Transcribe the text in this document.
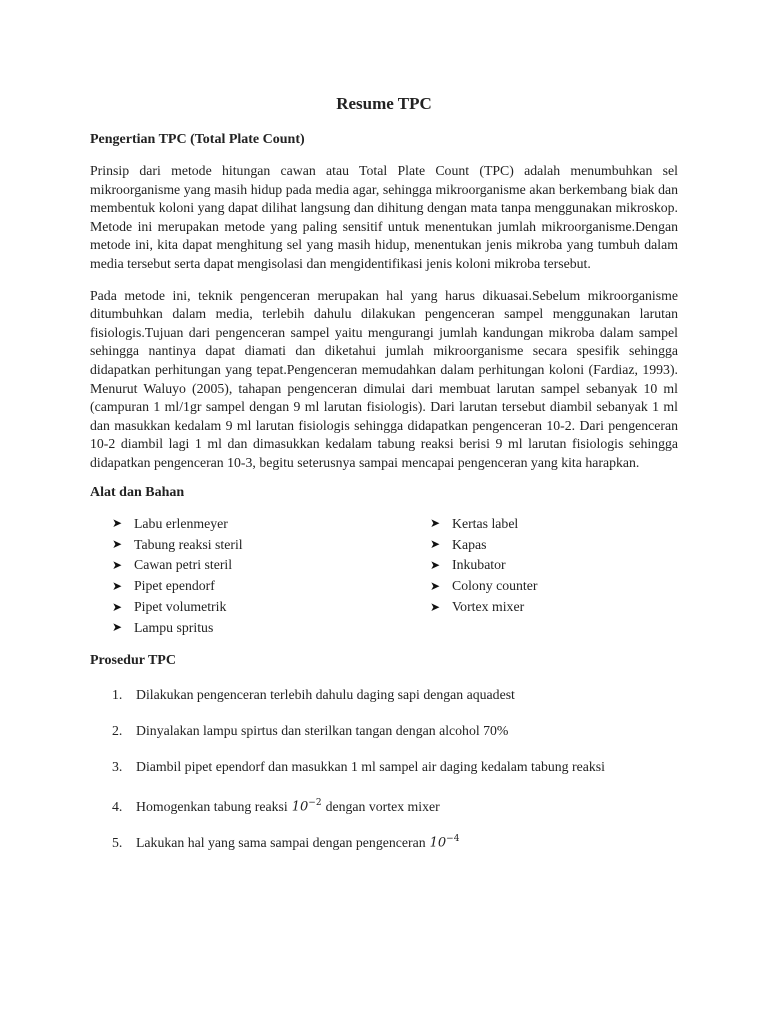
Resume TPC
Pengertian TPC (Total Plate Count)

Prinsip dari metode hitungan cawan atau Total Plate Count (TPC) adalah menumbuhkan sel mikroorganisme yang masih hidup pada media agar, sehingga mikroorganisme akan berkembang biak dan membentuk koloni yang dapat dilihat langsung dan dihitung dengan mata tanpa menggunakan mikroskop. Metode ini merupakan metode yang paling sensitif untuk menentukan jumlah mikroorganisme.Dengan metode ini, kita dapat menghitung sel yang masih hidup, menentukan jenis mikroba yang tumbuh dalam media tersebut serta dapat mengisolasi dan mengidentifikasi jenis koloni mikroba tersebut.

Pada metode ini, teknik pengenceran merupakan hal yang harus dikuasai.Sebelum mikroorganisme ditumbuhkan dalam media, terlebih dahulu dilakukan pengenceran sampel menggunakan larutan fisiologis.Tujuan dari pengenceran sampel yaitu mengurangi jumlah kandungan mikroba dalam sampel sehingga nantinya dapat diamati dan diketahui jumlah mikroorganisme secara spesifik sehingga didapatkan perhitungan yang tepat.Pengenceran memudahkan dalam perhitungan koloni (Fardiaz, 1993). Menurut Waluyo (2005), tahapan pengenceran dimulai dari membuat larutan sampel sebanyak 10 ml (campuran 1 ml/1gr sampel dengan 9 ml larutan fisiologis). Dari larutan tersebut diambil sebanyak 1 ml dan masukkan kedalam 9 ml larutan fisiologis sehingga didapatkan pengenceran 10-2. Dari pengenceran 10-2 diambil lagi 1 ml dan dimasukkan kedalam tabung reaksi berisi 9 ml larutan fisiologis sehingga didapatkan pengenceran 10-3, begitu seterusnya sampai mencapai pengenceran yang kita harapkan.

Alat dan Bahan
➤ Labu erlenmeyer
➤ Tabung reaksi steril
➤ Cawan petri steril
➤ Pipet ependorf
➤ Pipet volumetrik
➤ Lampu spritus
➤ Kertas label
➤ Kapas
➤ Inkubator
➤ Colony counter
➤ Vortex mixer
Prosedur TPC
1. Dilakukan pengenceran terlebih dahulu daging sapi dengan aquadest
2. Dinyalakan lampu spirtus dan sterilkan tangan dengan alcohol 70%
3. Diambil pipet ependorf dan masukkan 1 ml sampel air daging kedalam tabung reaksi
4. Homogenkan tabung reaksi $10^{-2}$ dengan vortex mixer
5. Lakukan hal yang sama sampai dengan pengenceran $10^{-4}$
